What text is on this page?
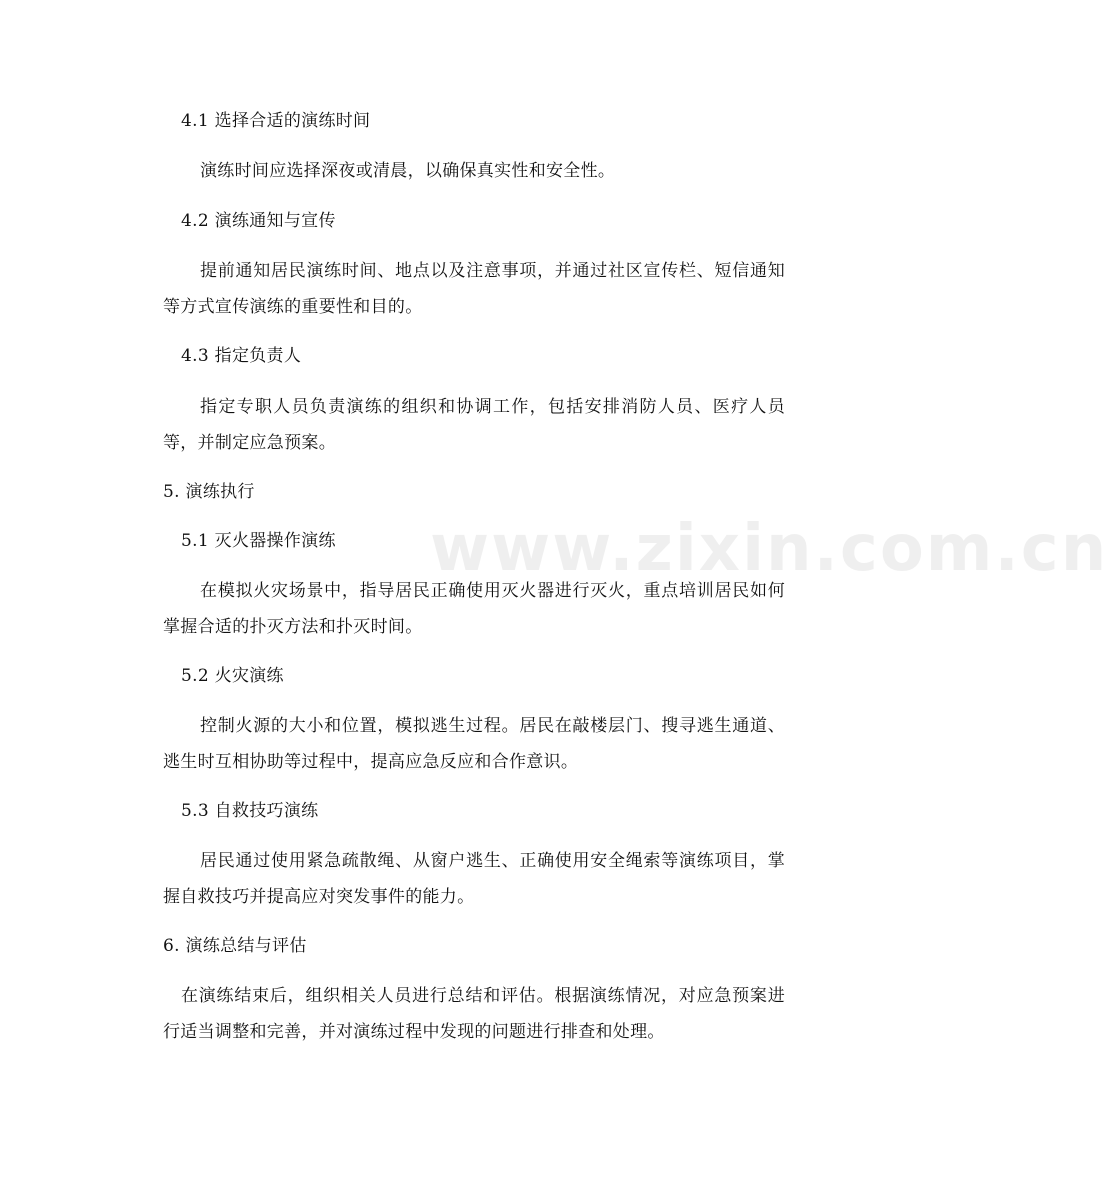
www.zixin.com.cn
4.1 选择合适的演练时间
演练时间应选择深夜或清晨，以确保真实性和安全性。
4.2 演练通知与宣传
提前通知居民演练时间、地点以及注意事项，并通过社区宣传栏、短信通知等方式宣传演练的重要性和目的。
4.3 指定负责人
指定专职人员负责演练的组织和协调工作，包括安排消防人员、医疗人员等，并制定应急预案。
5. 演练执行
5.1 灭火器操作演练
在模拟火灾场景中，指导居民正确使用灭火器进行灭火，重点培训居民如何掌握合适的扑灭方法和扑灭时间。
5.2 火灾演练
控制火源的大小和位置，模拟逃生过程。居民在敲楼层门、搜寻逃生通道、逃生时互相协助等过程中，提高应急反应和合作意识。
5.3 自救技巧演练
居民通过使用紧急疏散绳、从窗户逃生、正确使用安全绳索等演练项目，掌握自救技巧并提高应对突发事件的能力。
6. 演练总结与评估
在演练结束后，组织相关人员进行总结和评估。根据演练情况，对应急预案进行适当调整和完善，并对演练过程中发现的问题进行排查和处理。
